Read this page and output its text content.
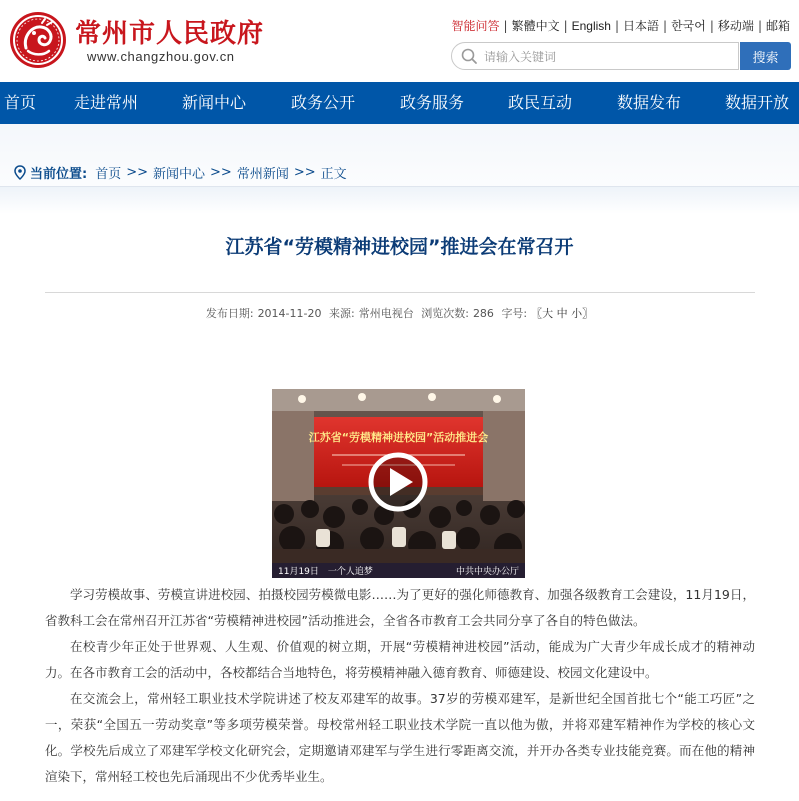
常州市人民政府
www.changzhou.gov.cn
智能问答 | 繁體中文 | English | 日本語 | 한국어 | 移动端 | 邮箱
请输入关键词
搜索
首页 走进常州	新闻中心	政务公开	政务服务	政民互动	数据发布	数据开放
当前位置: 首页 >> 新闻中心 >> 常州新闻 >> 正文
江苏省“劳模精神进校园”推进会在常召开
发布日期: 2014-11-20 来源: 常州电视台 浏览次数: 286 字号: 〖大 中 小〗
江苏省“劳模精神进校园”活动推进会
11月19日　一个人追梦	中共中央办公厅

学习劳模故事、劳模宣讲进校园、拍摄校园劳模微电影……为了更好的强化师德教育、加强各级教育工会建设，11月19日，省教科工会在常州召开江苏省“劳模精神进校园”活动推进会，全省各市教育工会共同分享了各自的特色做法。

在校青少年正处于世界观、人生观、价值观的树立期，开展“劳模精神进校园”活动，能成为广大青少年成长成才的精神动力。在各市教育工会的活动中，各校都结合当地特色，将劳模精神融入德育教育、师德建设、校园文化建设中。

在交流会上，常州轻工职业技术学院讲述了校友邓建军的故事。37岁的劳模邓建军，是新世纪全国首批七个“能工巧匠”之一，荣获“全国五一劳动奖章”等多项劳模荣誉。母校常州轻工职业技术学院一直以他为傲，并将邓建军精神作为学校的核心文化。学校先后成立了邓建军学校文化研究会，定期邀请邓建军与学生进行零距离交流，并开办各类专业技能竞赛。而在他的精神渲染下，常州轻工校也先后涌现出不少优秀毕业生。
